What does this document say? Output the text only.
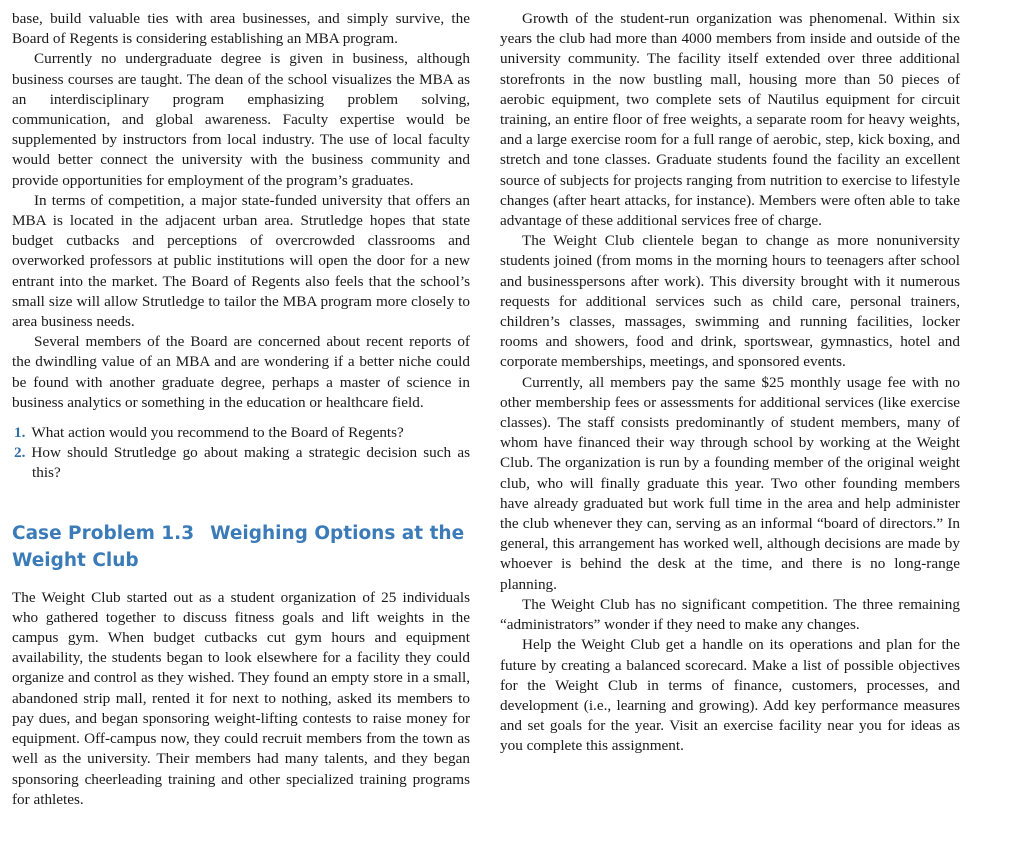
base, build valuable ties with area businesses, and simply survive, the Board of Regents is considering establishing an MBA program.

Currently no undergraduate degree is given in business, although business courses are taught. The dean of the school visualizes the MBA as an interdisciplinary program emphasizing problem solving, communication, and global awareness. Faculty expertise would be supplemented by instructors from local industry. The use of local faculty would better connect the university with the business community and provide opportunities for employment of the program’s graduates.

In terms of competition, a major state-funded university that offers an MBA is located in the adjacent urban area. Strutledge hopes that state budget cutbacks and perceptions of overcrowded classrooms and overworked professors at public institutions will open the door for a new entrant into the market. The Board of Regents also feels that the school’s small size will allow Strutledge to tailor the MBA program more closely to area business needs.

Several members of the Board are concerned about recent reports of the dwindling value of an MBA and are wondering if a better niche could be found with another graduate degree, perhaps a master of science in business analytics or something in the education or healthcare field.

1. What action would you recommend to the Board of Regents?
2. How should Strutledge go about making a strategic decision such as this?
Case Problem 1.3 Weighing Options at the Weight Club

The Weight Club started out as a student organization of 25 individuals who gathered together to discuss fitness goals and lift weights in the campus gym. When budget cutbacks cut gym hours and equipment availability, the students began to look elsewhere for a facility they could organize and control as they wished. They found an empty store in a small, abandoned strip mall, rented it for next to nothing, asked its members to pay dues, and began sponsoring weight-lifting contests to raise money for equipment. Off-campus now, they could recruit members from the town as well as the university. Their members had many talents, and they began sponsoring cheerleading training and other specialized training programs for athletes.

Growth of the student-run organization was phenomenal. Within six years the club had more than 4000 members from inside and outside of the university community. The facility itself extended over three additional storefronts in the now bustling mall, housing more than 50 pieces of aerobic equipment, two complete sets of Nautilus equipment for circuit training, an entire floor of free weights, a separate room for heavy weights, and a large exercise room for a full range of aerobic, step, kick boxing, and stretch and tone classes. Graduate students found the facility an excellent source of subjects for projects ranging from nutrition to exercise to lifestyle changes (after heart attacks, for instance). Members were often able to take advantage of these additional services free of charge.

The Weight Club clientele began to change as more nonuniversity students joined (from moms in the morning hours to teenagers after school and businesspersons after work). This diversity brought with it numerous requests for additional services such as child care, personal trainers, children’s classes, massages, swimming and running facilities, locker rooms and showers, food and drink, sportswear, gymnastics, hotel and corporate memberships, meetings, and sponsored events.

Currently, all members pay the same $25 monthly usage fee with no other membership fees or assessments for additional services (like exercise classes). The staff consists predominantly of student members, many of whom have financed their way through school by working at the Weight Club. The organization is run by a founding member of the original weight club, who will finally graduate this year. Two other founding members have already graduated but work full time in the area and help administer the club whenever they can, serving as an informal “board of directors.” In general, this arrangement has worked well, although decisions are made by whoever is behind the desk at the time, and there is no long-range planning.

The Weight Club has no significant competition. The three remaining “administrators” wonder if they need to make any changes.

Help the Weight Club get a handle on its operations and plan for the future by creating a balanced scorecard. Make a list of possible objectives for the Weight Club in terms of finance, customers, processes, and development (i.e., learning and growing). Add key performance measures and set goals for the year. Visit an exercise facility near you for ideas as you complete this assignment.
